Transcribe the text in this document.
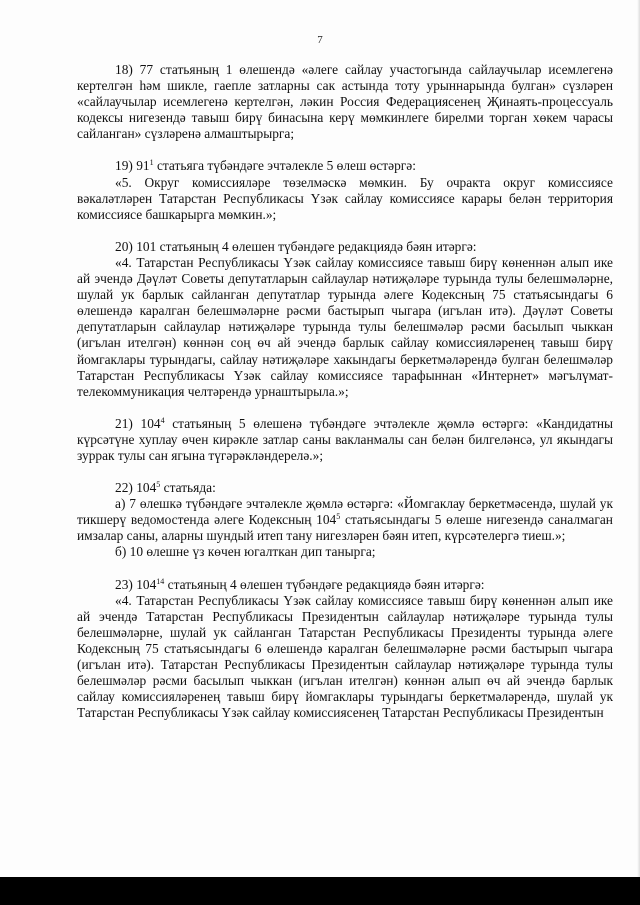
7

18) 77 статьяның 1 өлешендә «әлеге сайлау участогында сайлаучылар исемлегенә кертелгән һәм шикле, гаепле затларны сак астында тоту урыннарында булган» сүзләрен «сайлаучылар исемлегенә кертелгән, ләкин Россия Федерациясенең Җинаять-процессуаль кодексы нигезендә тавыш бирү бинасына керү мөмкинлеге бирелми торган хөкем чарасы сайланган» сүзләренә алмаштырырга;

19) $91^1$ статьяга түбәндәге эчтәлекле 5 өлеш өстәргә:

«5. Округ комиссияләре төзелмәскә мөмкин. Бу очракта округ комиссиясе вәкаләтләрен Татарстан Республикасы Үзәк сайлау комиссиясе карары белән территория комиссиясе башкарырга мөмкин.»;

20) 101 статьяның 4 өлешен түбәндәге редакциядә бәян итәргә:

«4. Татарстан Республикасы Үзәк сайлау комиссиясе тавыш бирү көненнән алып ике ай эчендә Дәүләт Советы депутатларын сайлаулар нәтиҗәләре турында тулы белешмәләрне, шулай ук барлык сайланган депутатлар турында әлеге Кодексның 75 статьясындагы 6 өлешендә каралган белешмәләрне рәсми бастырып чыгара (игълан итә). Дәүләт Советы депутатларын сайлаулар нәтиҗәләре турында тулы белешмәләр рәсми басылып чыккан (игълан ителгән) көннән соң өч ай эчендә барлык сайлау комиссияләренең тавыш бирү йомгаклары турындагы, сайлау нәтиҗәләре хакындагы беркетмәләрендә булган белешмәләр Татарстан Республикасы Үзәк сайлау комиссиясе тарафыннан «Интернет» мәгълүмат-телекоммуникация челтәрендә урнаштырыла.»;

21) $104^4$ статьяның 5 өлешенә түбәндәге эчтәлекле җөмлә өстәргә: «Кандидатны күрсәтүне хуплау өчен кирәкле затлар саны вакланмалы сан белән билгеләнсә, ул якындагы зуррак тулы сан ягына түгәрәкләндерелә.»;

22) $104^5$ статьяда:

а) 7 өлешкә түбәндәге эчтәлекле җөмлә өстәргә: «Йомгаклау беркетмәсендә, шулай ук тикшерү ведомостенда әлеге Кодексның $104^5$ статьясындагы 5 өлеше нигезендә саналмаган имзалар саны, аларны шундый итеп тану нигезләрен бәян итеп, күрсәтелергә тиеш.»;

б) 10 өлешне үз көчен югалткан дип танырга;

23) $104^{14}$ статьяның 4 өлешен түбәндәге редакциядә бәян итәргә:

«4. Татарстан Республикасы Үзәк сайлау комиссиясе тавыш бирү көненнән алып ике ай эчендә Татарстан Республикасы Президентын сайлаулар нәтиҗәләре турында тулы белешмәләрне, шулай ук сайланган Татарстан Республикасы Президенты турында әлеге Кодексның 75 статьясындагы 6 өлешендә каралган белешмәләрне рәсми бастырып чыгара (игълан итә). Татарстан Республикасы Президентын сайлаулар нәтиҗәләре турында тулы белешмәләр рәсми басылып чыккан (игълан ителгән) көннән алып өч ай эчендә барлык сайлау комиссияләренең тавыш бирү йомгаклары турындагы беркетмәләрендә, шулай ук Татарстан Республикасы Үзәк сайлау комиссиясенең Татарстан Республикасы Президентын
